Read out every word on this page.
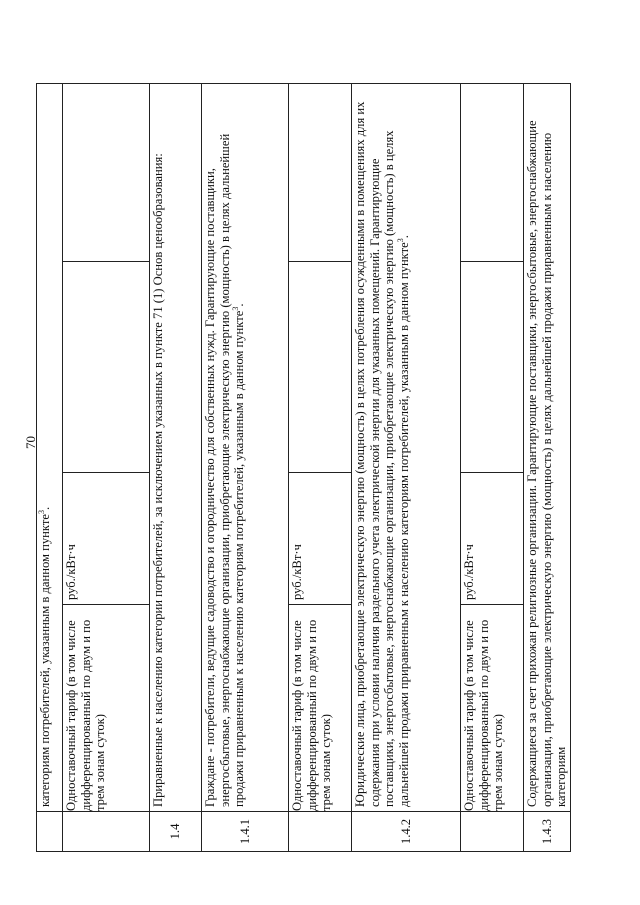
70
	категориям потребителей, указанным в данном пункте$^3$.			
	Одноставочный тариф (в том числе дифференцированный по двум и по трем зонам суток)	руб./кВт·ч		
1.4	Приравненные к населению категории потребителей, за исключением указанных в пункте 71 (1) Основ ценообразования:			
1.4.1	Граждане - потребители, ведущие садоводство и огородничество для собственных нужд. Гарантирующие поставщики, энергосбытовые, энергоснабжающие организации, приобретающие электрическую энергию (мощность) в целях дальнейшей продажи приравненным к населению категориям потребителей, указанным в данном пункте$^3$.			
	Одноставочный тариф (в том числе дифференцированный по двум и по трем зонам суток)	руб./кВт·ч		
1.4.2	Юридические лица, приобретающие электрическую энергию (мощность) в целях потребления осужденными в помещениях для их содержания при условии наличия раздельного учета электрической энергии для указанных помещений. Гарантирующие поставщики, энергосбытовые, энергоснабжающие организации, приобретающие электрическую энергию (мощность) в целях дальнейшей продажи приравненным к населению категориям потребителей, указанным в данном пункте$^3$.			
	Одноставочный тариф (в том числе дифференцированный по двум и по трем зонам суток)	руб./кВт·ч		
1.4.3	Содержащиеся за счет прихожан религиозные организации. Гарантирующие поставщики, энергосбытовые, энергоснабжающие организации, приобретающие электрическую энергию (мощность) в целях дальнейшей продажи приравненным к населению категориям			
